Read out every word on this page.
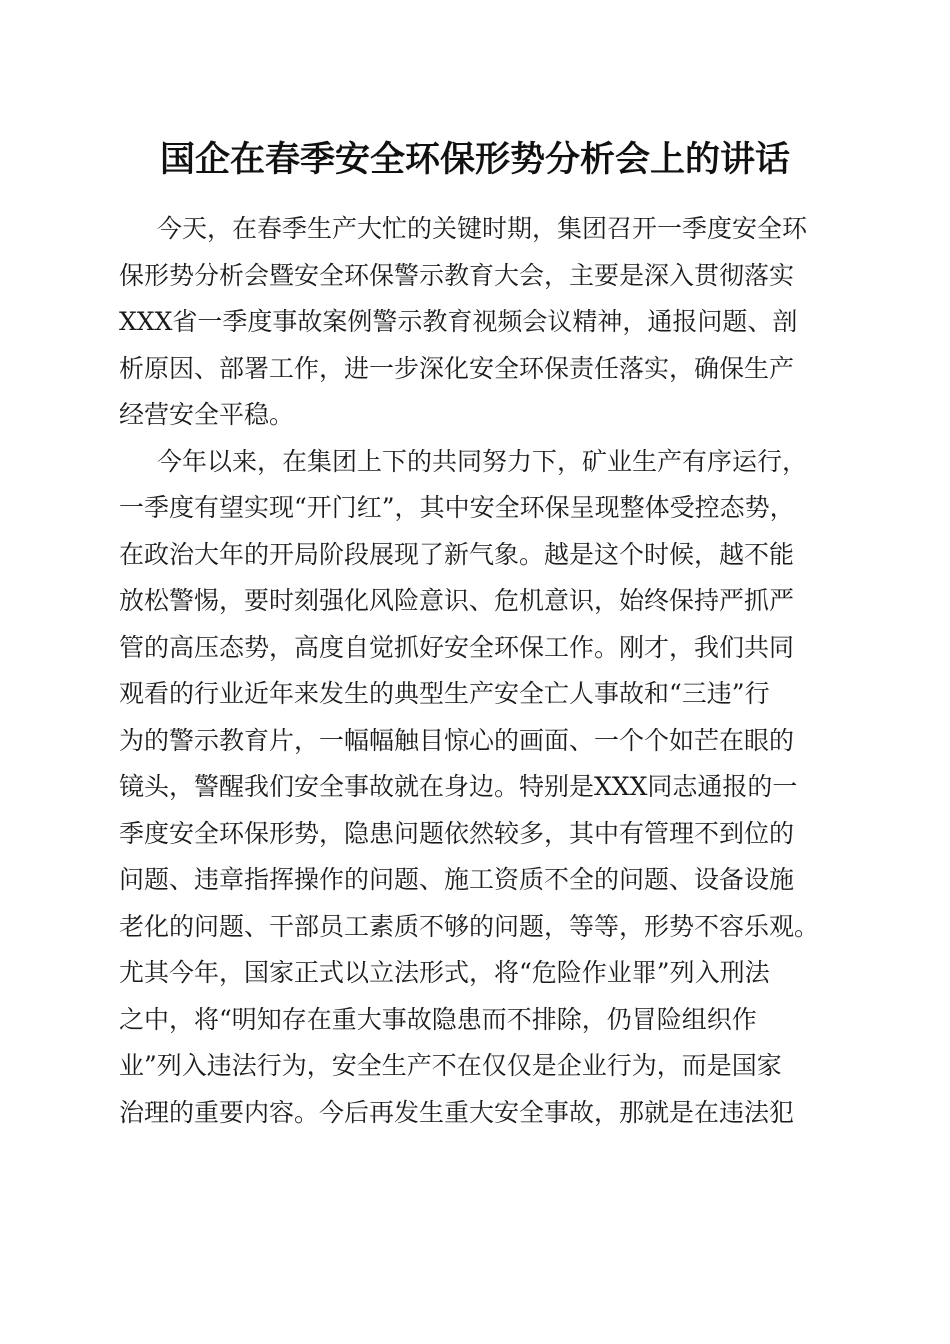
国企在春季安全环保形势分析会上的讲话
今天，在春季生产大忙的关键时期，集团召开一季度安全环
保形势分析会暨安全环保警示教育大会，主要是深入贯彻落实
XXX省一季度事故案例警示教育视频会议精神，通报问题、剖
析原因、部署工作，进一步深化安全环保责任落实，确保生产
经营安全平稳。
今年以来，在集团上下的共同努力下，矿业生产有序运行，
一季度有望实现“开门红”，其中安全环保呈现整体受控态势，
在政治大年的开局阶段展现了新气象。越是这个时候，越不能
放松警惕，要时刻强化风险意识、危机意识，始终保持严抓严
管的高压态势，高度自觉抓好安全环保工作。刚才，我们共同
观看的行业近年来发生的典型生产安全亡人事故和“三违”行
为的警示教育片，一幅幅触目惊心的画面、一个个如芒在眼的
镜头，警醒我们安全事故就在身边。特别是XXX同志通报的一
季度安全环保形势，隐患问题依然较多，其中有管理不到位的
问题、违章指挥操作的问题、施工资质不全的问题、设备设施
老化的问题、干部员工素质不够的问题，等等，形势不容乐观。
尤其今年，国家正式以立法形式，将“危险作业罪”列入刑法
之中，将“明知存在重大事故隐患而不排除，仍冒险组织作
业”列入违法行为，安全生产不在仅仅是企业行为，而是国家
治理的重要内容。今后再发生重大安全事故，那就是在违法犯
